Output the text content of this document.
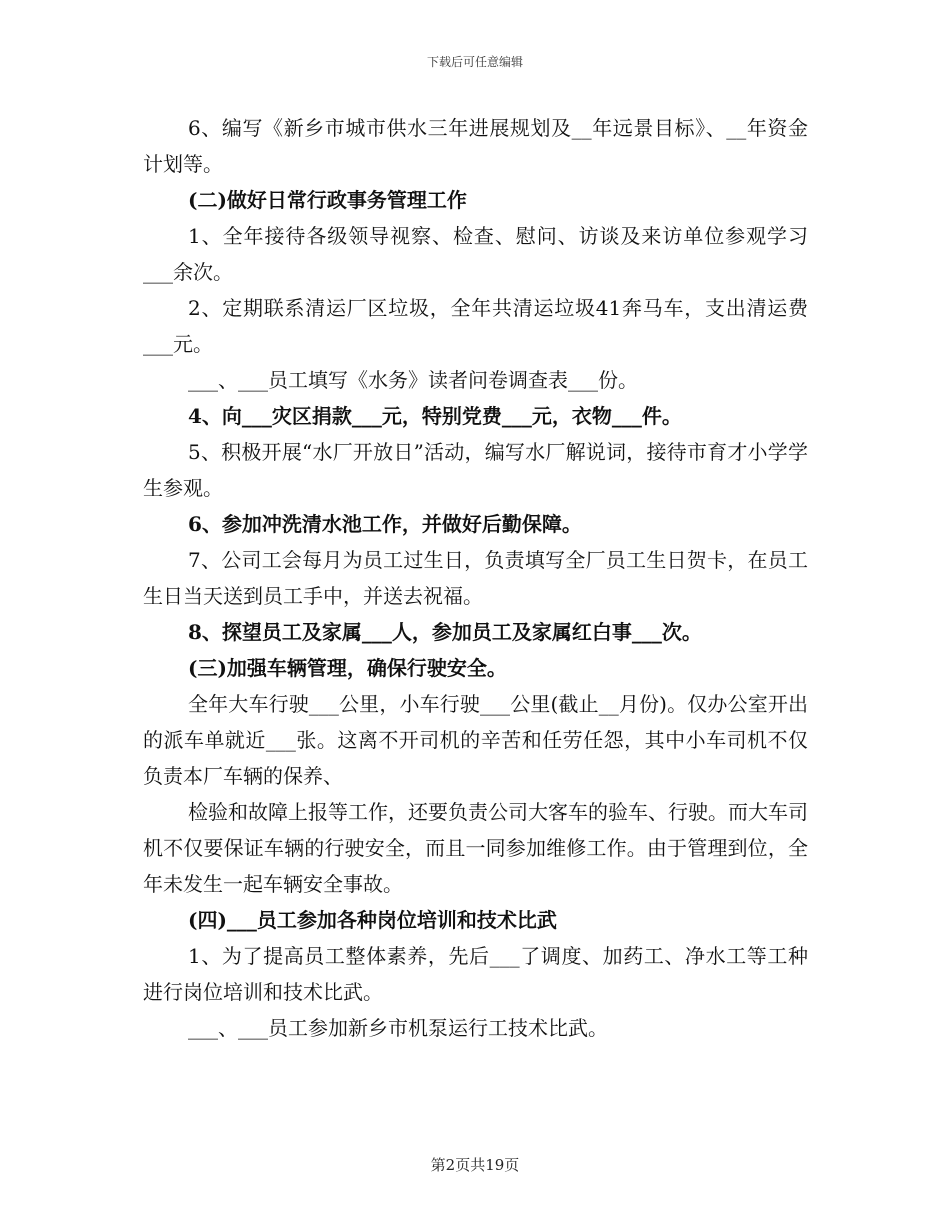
下载后可任意编辑

6、编写《新乡市城市供水三年进展规划及__年远景目标》、__年资金计划等。

(二)做好日常行政事务管理工作

1、全年接待各级领导视察、检查、慰问、访谈及来访单位参观学习___余次。

2、定期联系清运厂区垃圾，全年共清运垃圾41奔马车，支出清运费___元。

___、___员工填写《水务》读者问卷调查表___份。

4、向___灾区捐款___元，特别党费___元，衣物___件。

5、积极开展“水厂开放日”活动，编写水厂解说词，接待市育才小学学生参观。

6、参加冲洗清水池工作，并做好后勤保障。

7、公司工会每月为员工过生日，负责填写全厂员工生日贺卡，在员工生日当天送到员工手中，并送去祝福。

8、探望员工及家属___人，参加员工及家属红白事___次。

(三)加强车辆管理，确保行驶安全。

全年大车行驶___公里，小车行驶___公里(截止__月份)。仅办公室开出的派车单就近___张。这离不开司机的辛苦和任劳任怨，其中小车司机不仅负责本厂车辆的保养、

检验和故障上报等工作，还要负责公司大客车的验车、行驶。而大车司机不仅要保证车辆的行驶安全，而且一同参加维修工作。由于管理到位，全年未发生一起车辆安全事故。

(四)___员工参加各种岗位培训和技术比武

1、为了提高员工整体素养，先后___了调度、加药工、净水工等工种进行岗位培训和技术比武。

___、___员工参加新乡市机泵运行工技术比武。

第2页共19页
